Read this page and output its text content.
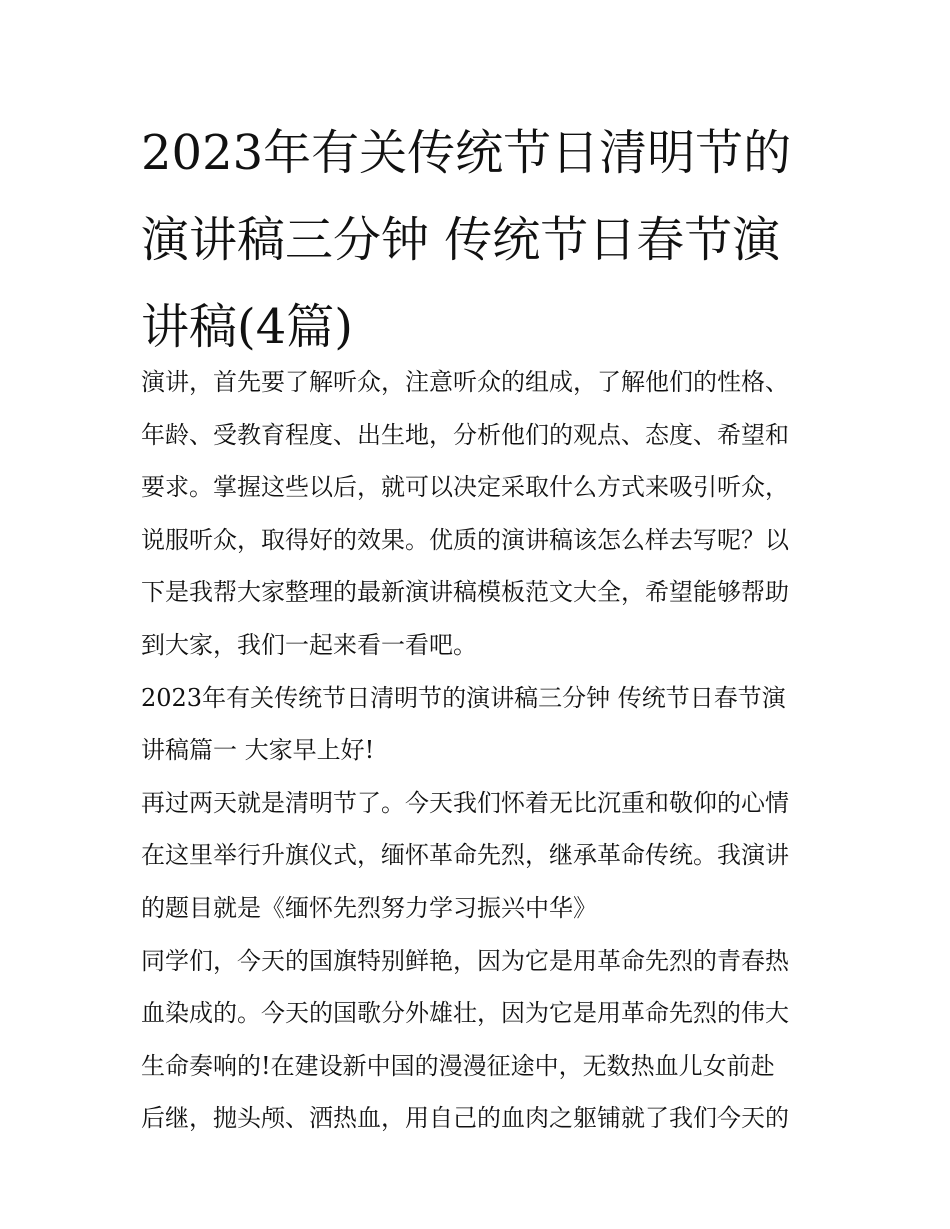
2023年有关传统节日清明节的
演讲稿三分钟 传统节日春节演
讲稿(4篇)
演讲，首先要了解听众，注意听众的组成，了解他们的性格、
年龄、受教育程度、出生地，分析他们的观点、态度、希望和
要求。掌握这些以后，就可以决定采取什么方式来吸引听众，
说服听众，取得好的效果。优质的演讲稿该怎么样去写呢？以
下是我帮大家整理的最新演讲稿模板范文大全，希望能够帮助
到大家，我们一起来看一看吧。
2023年有关传统节日清明节的演讲稿三分钟 传统节日春节演
讲稿篇一 大家早上好!
再过两天就是清明节了。今天我们怀着无比沉重和敬仰的心情
在这里举行升旗仪式，缅怀革命先烈，继承革命传统。我演讲
的题目就是《缅怀先烈努力学习振兴中华》
同学们，今天的国旗特别鲜艳，因为它是用革命先烈的青春热
血染成的。今天的国歌分外雄壮，因为它是用革命先烈的伟大
生命奏响的!在建设新中国的漫漫征途中，无数热血儿女前赴
后继，抛头颅、洒热血，用自己的血肉之躯铺就了我们今天的
